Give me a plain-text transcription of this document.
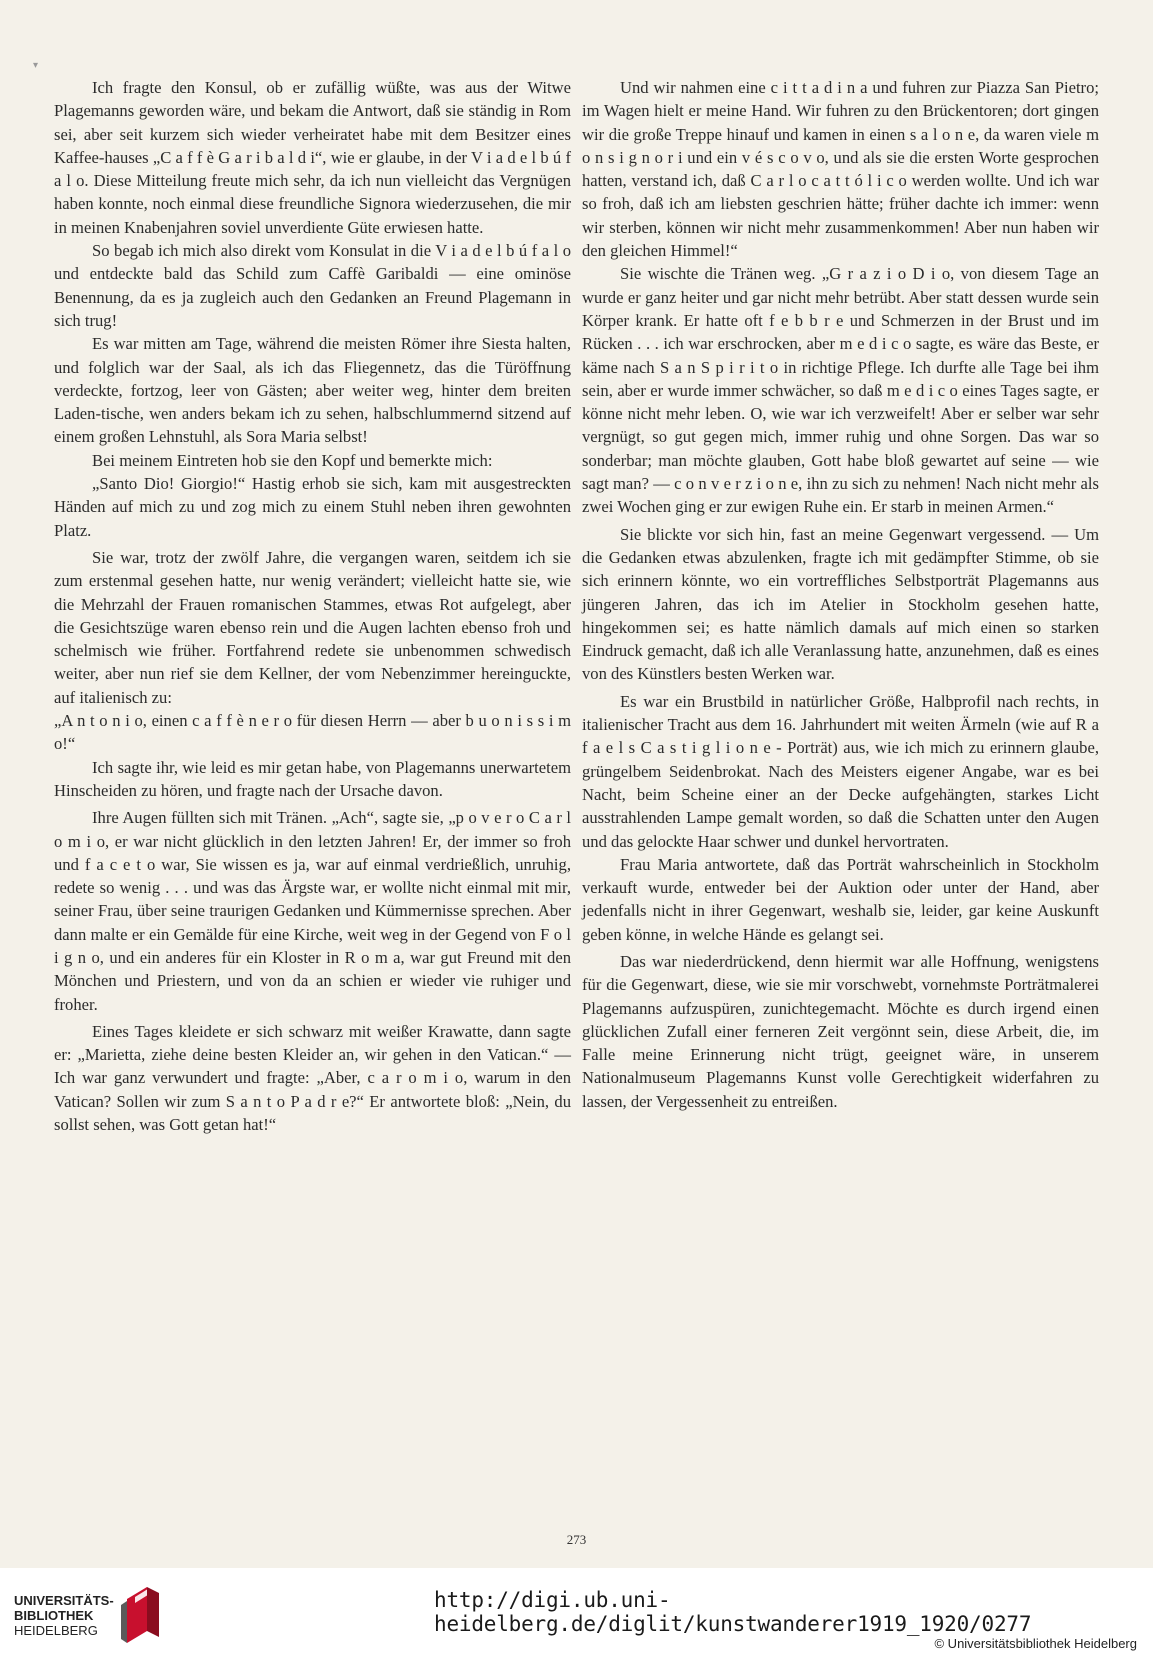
▾

Ich fragte den Konsul, ob er zufällig wüßte, was aus der Witwe Plagemanns geworden wäre, und bekam die Antwort, daß sie ständig in Rom sei, aber seit kurzem sich wieder verheiratet habe mit dem Besitzer eines Kaffee-hauses „C a f f è G a r i b a l d i“, wie er glaube, in der V i a d e l b ú f a l o. Diese Mitteilung freute mich sehr, da ich nun vielleicht das Vergnügen haben konnte, noch einmal diese freundliche Signora wiederzusehen, die mir in meinen Knabenjahren soviel unverdiente Güte erwiesen hatte.

So begab ich mich also direkt vom Konsulat in die V i a d e l b ú f a l o und entdeckte bald das Schild zum Caffè Garibaldi — eine ominöse Benennung, da es ja zugleich auch den Gedanken an Freund Plagemann in sich trug!

Es war mitten am Tage, während die meisten Römer ihre Siesta halten, und folglich war der Saal, als ich das Fliegennetz, das die Türöffnung verdeckte, fortzog, leer von Gästen; aber weiter weg, hinter dem breiten Laden-tische, wen anders bekam ich zu sehen, halbschlummernd sitzend auf einem großen Lehnstuhl, als Sora Maria selbst!

Bei meinem Eintreten hob sie den Kopf und bemerkte mich:

„Santo Dio! Giorgio!“ Hastig erhob sie sich, kam mit ausgestreckten Händen auf mich zu und zog mich zu einem Stuhl neben ihren gewohnten Platz.

Sie war, trotz der zwölf Jahre, die vergangen waren, seitdem ich sie zum erstenmal gesehen hatte, nur wenig verändert; vielleicht hatte sie, wie die Mehrzahl der Frauen romanischen Stammes, etwas Rot aufgelegt, aber die Gesichtszüge waren ebenso rein und die Augen lachten ebenso froh und schelmisch wie früher. Fortfahrend redete sie unbenommen schwedisch weiter, aber nun rief sie dem Kellner, der vom Nebenzimmer hereinguckte, auf italienisch zu:

„A n t o n i o, einen c a f f è n e r o für diesen Herrn — aber b u o n i s s i m o!“

Ich sagte ihr, wie leid es mir getan habe, von Plagemanns unerwartetem Hinscheiden zu hören, und fragte nach der Ursache davon.

Ihre Augen füllten sich mit Tränen. „Ach“, sagte sie, „p o v e r o C a r l o m i o, er war nicht glücklich in den letzten Jahren! Er, der immer so froh und f a c e t o war, Sie wissen es ja, war auf einmal verdrießlich, unruhig, redete so wenig . . . und was das Ärgste war, er wollte nicht einmal mit mir, seiner Frau, über seine traurigen Gedanken und Kümmernisse sprechen. Aber dann malte er ein Gemälde für eine Kirche, weit weg in der Gegend von F o l i g n o, und ein anderes für ein Kloster in R o m a, war gut Freund mit den Mönchen und Priestern, und von da an schien er wieder vie ruhiger und froher.

Eines Tages kleidete er sich schwarz mit weißer Krawatte, dann sagte er: „Marietta, ziehe deine besten Kleider an, wir gehen in den Vatican.“ — Ich war ganz verwundert und fragte: „Aber, c a r o m i o, warum in den Vatican? Sollen wir zum S a n t o P a d r e?“ Er antwortete bloß: „Nein, du sollst sehen, was Gott getan hat!“

Und wir nahmen eine c i t t a d i n a und fuhren zur Piazza San Pietro; im Wagen hielt er meine Hand. Wir fuhren zu den Brückentoren; dort gingen wir die große Treppe hinauf und kamen in einen s a l o n e, da waren viele m o n s i g n o r i und ein v é s c o v o, und als sie die ersten Worte gesprochen hatten, verstand ich, daß C a r l o c a t t ó l i c o werden wollte. Und ich war so froh, daß ich am liebsten geschrien hätte; früher dachte ich immer: wenn wir sterben, können wir nicht mehr zusammenkommen! Aber nun haben wir den gleichen Himmel!“

Sie wischte die Tränen weg. „G r a z i o D i o, von diesem Tage an wurde er ganz heiter und gar nicht mehr betrübt. Aber statt dessen wurde sein Körper krank. Er hatte oft f e b b r e und Schmerzen in der Brust und im Rücken . . . ich war erschrocken, aber m e d i c o sagte, es wäre das Beste, er käme nach S a n S p i r i t o in richtige Pflege. Ich durfte alle Tage bei ihm sein, aber er wurde immer schwächer, so daß m e d i c o eines Tages sagte, er könne nicht mehr leben. O, wie war ich verzweifelt! Aber er selber war sehr vergnügt, so gut gegen mich, immer ruhig und ohne Sorgen. Das war so sonderbar; man möchte glauben, Gott habe bloß gewartet auf seine — wie sagt man? — c o n v e r z i o n e, ihn zu sich zu nehmen! Nach nicht mehr als zwei Wochen ging er zur ewigen Ruhe ein. Er starb in meinen Armen.“

Sie blickte vor sich hin, fast an meine Gegenwart vergessend. — Um die Gedanken etwas abzulenken, fragte ich mit gedämpfter Stimme, ob sie sich erinnern könnte, wo ein vortreffliches Selbstporträt Plagemanns aus jüngeren Jahren, das ich im Atelier in Stockholm gesehen hatte, hingekommen sei; es hatte nämlich damals auf mich einen so starken Eindruck gemacht, daß ich alle Veranlassung hatte, anzunehmen, daß es eines von des Künstlers besten Werken war.

Es war ein Brustbild in natürlicher Größe, Halbprofil nach rechts, in italienischer Tracht aus dem 16. Jahrhundert mit weiten Ärmeln (wie auf R a f a e l s C a s t i g l i o n e - Porträt) aus, wie ich mich zu erinnern glaube, grüngelbem Seidenbrokat. Nach des Meisters eigener Angabe, war es bei Nacht, beim Scheine einer an der Decke aufgehängten, starkes Licht ausstrahlenden Lampe gemalt worden, so daß die Schatten unter den Augen und das gelockte Haar schwer und dunkel hervortraten.

Frau Maria antwortete, daß das Porträt wahrscheinlich in Stockholm verkauft wurde, entweder bei der Auktion oder unter der Hand, aber jedenfalls nicht in ihrer Gegenwart, weshalb sie, leider, gar keine Auskunft geben könne, in welche Hände es gelangt sei.

Das war niederdrückend, denn hiermit war alle Hoffnung, wenigstens für die Gegenwart, diese, wie sie mir vorschwebt, vornehmste Porträtmalerei Plagemanns aufzuspüren, zunichtegemacht. Möchte es durch irgend einen glücklichen Zufall einer ferneren Zeit vergönnt sein, diese Arbeit, die, im Falle meine Erinnerung nicht trügt, geeignet wäre, in unserem Nationalmuseum Plagemanns Kunst volle Gerechtigkeit widerfahren zu lassen, der Vergessenheit zu entreißen.

273
UNIVERSITÄTS-
BIBLIOTHEK
HEIDELBERG
http://digi.ub.uni-heidelberg.de/diglit/kunstwanderer1919_1920/0277
© Universitätsbibliothek Heidelberg
